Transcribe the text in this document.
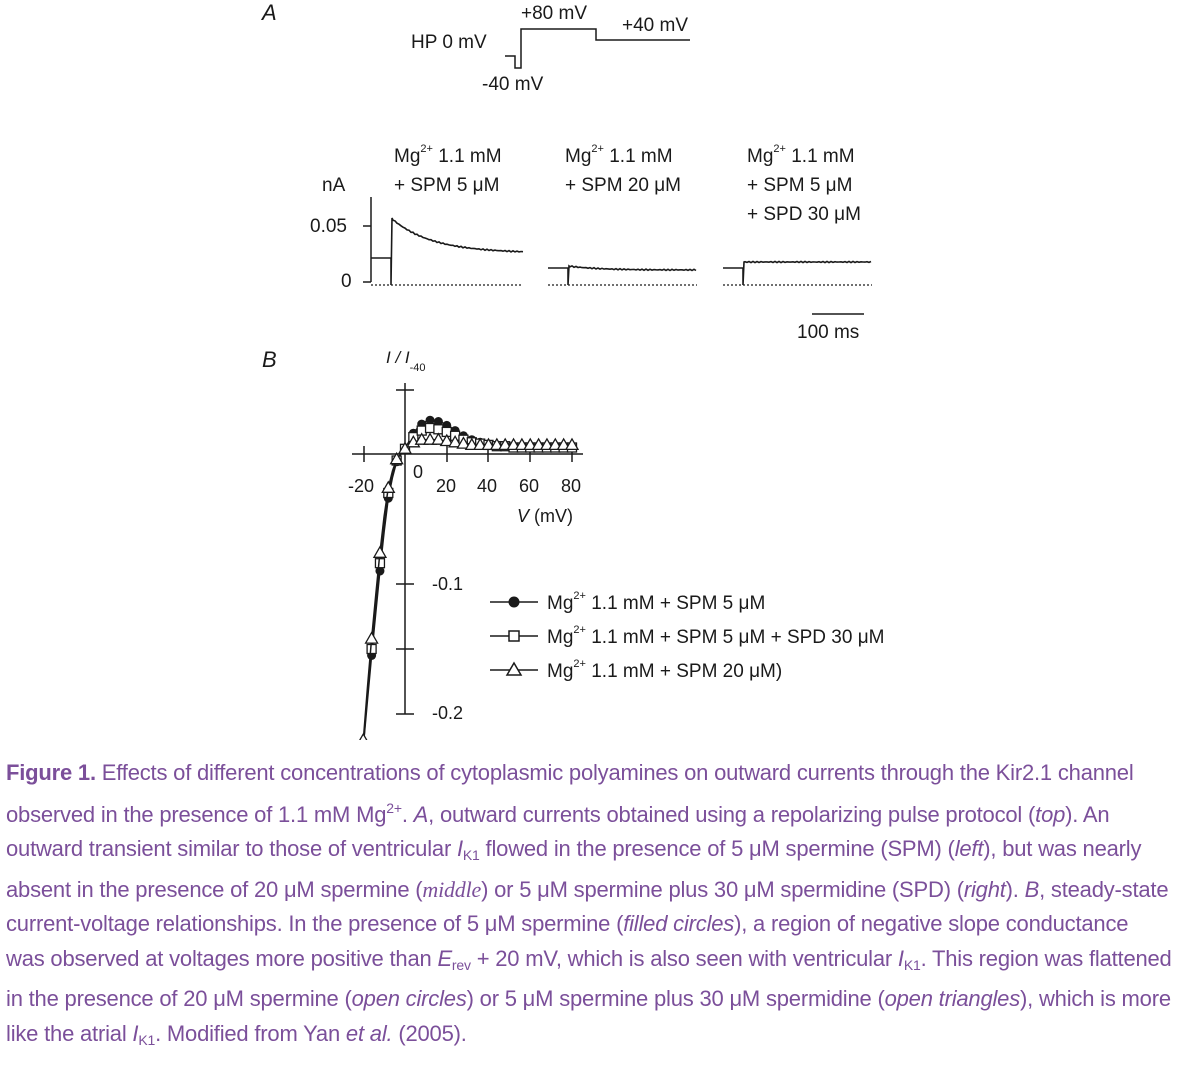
A
HP 0 mV
+80 mV
+40 mV
-40 mV
$Mg^{2+}$ 1.1 mM
+ SPM 5 μM
$Mg^{2+}$ 1.1 mM
+ SPM 20 μM
$Mg^{2+}$ 1.1 mM
+ SPM 5 μM
+ SPD 30 μM
nA
0.05
0
100 ms
B	I / $I_{-40}$
-20
0
20 40 60 80
V (mV)
-0.1
-0.2
$Mg^{2+}$ 1.1 mM + SPM 5 μM
$Mg^{2+}$ 1.1 mM + SPM 5 μM + SPD 30 μM
$Mg^{2+}$ 1.1 mM + SPM 20 μM)
Figure 1. Effects of different concentrations of cytoplasmic polyamines on outward currents through the Kir2.1 channel observed in the presence of 1.1 mM $Mg^{2+}$. A, outward currents obtained using a repolarizing pulse protocol (top). An outward transient similar to those of ventricular $I_{K1}$ flowed in the presence of 5 μM spermine (SPM) (left), but was nearly absent in the presence of 20 μM spermine (middle) or 5 μM spermine plus 30 μM spermidine (SPD) (right). B, steady-state current-voltage relationships. In the presence of 5 μM spermine (filled circles), a region of negative slope conductance was observed at voltages more positive than $E_{rev} + 20$ mV, which is also seen with ventricular $I_{K1}$. This region was flattened in the presence of 20 μM spermine (open circles) or 5 μM spermine plus 30 μM spermidine (open triangles), which is more like the atrial $I_{K1}$. Modified from Yan et al. (2005).
